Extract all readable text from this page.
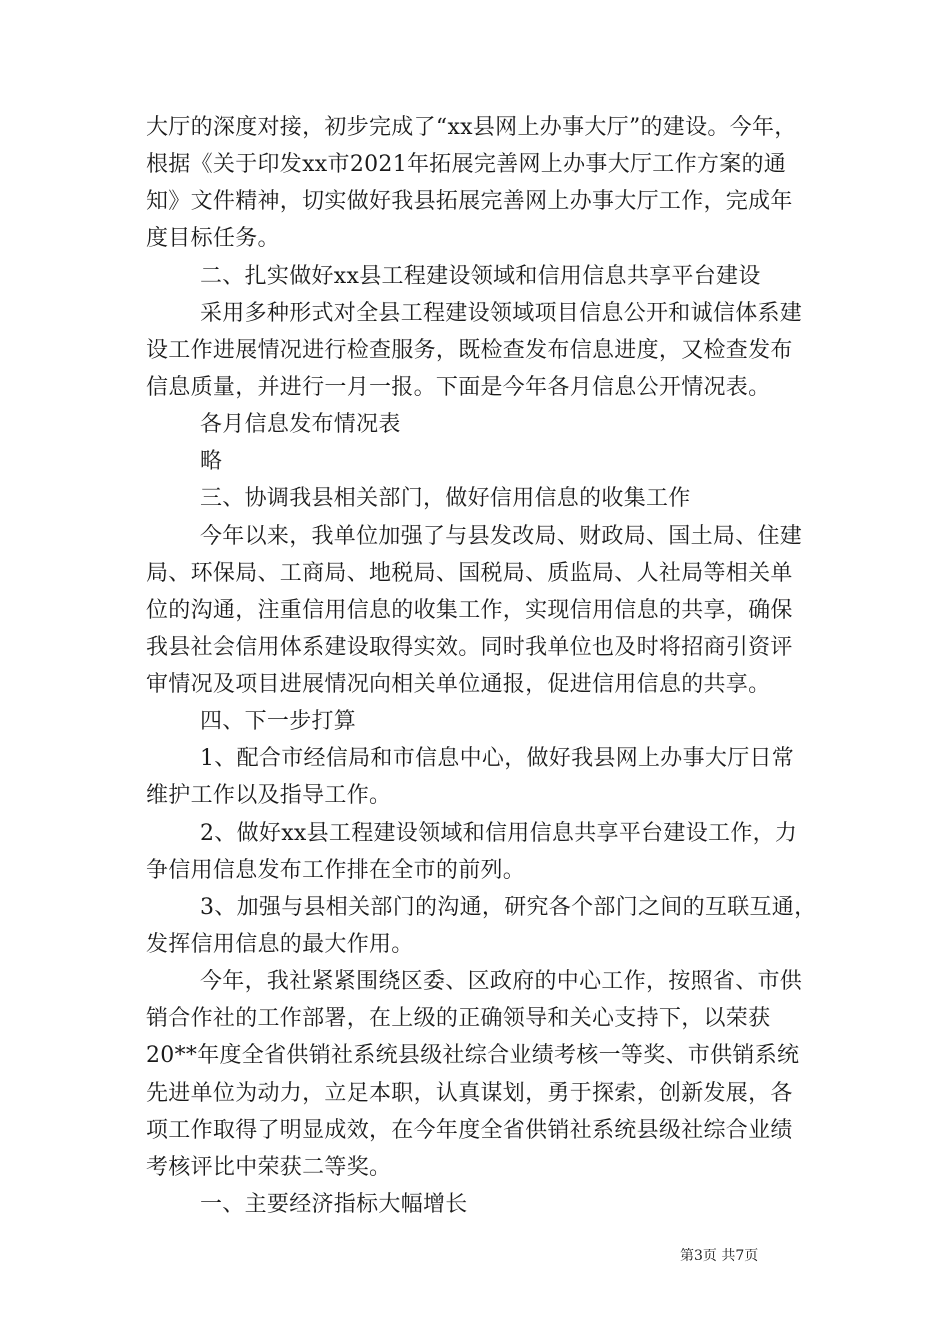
大厅的深度对接，初步完成了“xx县网上办事大厅”的建设。今年，
根据《关于印发xx市2021年拓展完善网上办事大厅工作方案的通
知》文件精神，切实做好我县拓展完善网上办事大厅工作，完成年
度目标任务。
二、扎实做好xx县工程建设领域和信用信息共享平台建设
采用多种形式对全县工程建设领域项目信息公开和诚信体系建
设工作进展情况进行检查服务，既检查发布信息进度，又检查发布
信息质量，并进行一月一报。下面是今年各月信息公开情况表。
各月信息发布情况表
略
三、协调我县相关部门，做好信用信息的收集工作
今年以来，我单位加强了与县发改局、财政局、国土局、住建
局、环保局、工商局、地税局、国税局、质监局、人社局等相关单
位的沟通，注重信用信息的收集工作，实现信用信息的共享，确保
我县社会信用体系建设取得实效。同时我单位也及时将招商引资评
审情况及项目进展情况向相关单位通报，促进信用信息的共享。
四、下一步打算
1、配合市经信局和市信息中心，做好我县网上办事大厅日常
维护工作以及指导工作。
2、做好xx县工程建设领域和信用信息共享平台建设工作，力
争信用信息发布工作排在全市的前列。
3、加强与县相关部门的沟通，研究各个部门之间的互联互通，
发挥信用信息的最大作用。
今年，我社紧紧围绕区委、区政府的中心工作，按照省、市供
销合作社的工作部署，在上级的正确领导和关心支持下，以荣获
20**年度全省供销社系统县级社综合业绩考核一等奖、市供销系统
先进单位为动力，立足本职，认真谋划，勇于探索，创新发展，各
项工作取得了明显成效，在今年度全省供销社系统县级社综合业绩
第3页 共7页
考核评比中荣获二等奖。
一、主要经济指标大幅增长
